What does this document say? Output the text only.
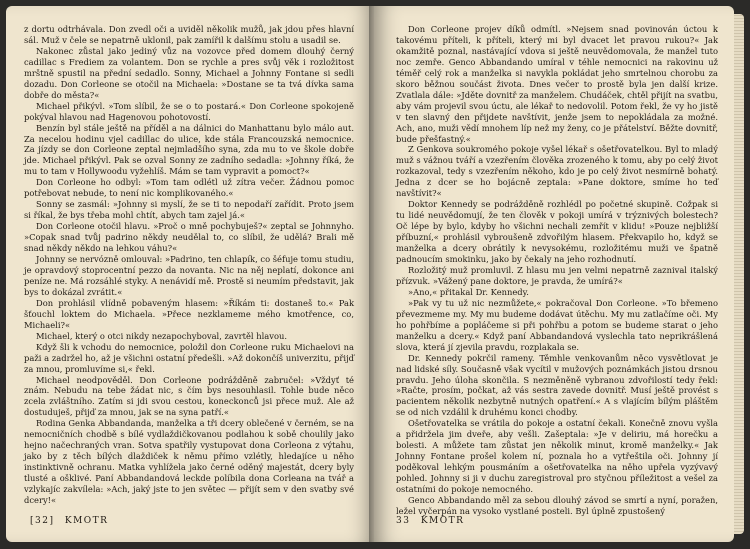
z dortu odtrhávala. Don zvedl oči a uviděl několik mužů, jak jdou přes hlavní sál. Muž v čele se nepatrně uklonil, pak zamířil k dalšímu stolu a usadil se.

Nakonec zůstal jako jediný vůz na vozovce před domem dlouhý černý cadillac s Frediem za volantem. Don se rychle a pres svůj věk i rozložitost mrštně spustil na přední sedadlo. Sonny, Michael a Johnny Fontane si sedli dozadu. Don Corleone se otočil na Michaela: »Dostane se ta tvá dívka sama dobře do města?«

Michael přikývl. »Tom slíbil, že se o to postará.« Don Corleone spokojeně pokýval hlavou nad Hagenovou pohotovostí.

Benzín byl stále ještě na příděl a na dálnici do Manhattanu bylo málo aut. Za necelou hodinu vjel cadillac do ulice, kde stála Francouzská nemocnice. Za jízdy se don Corleone zeptal nejmladšího syna, zda mu to ve škole dobře jde. Michael přikývl. Pak se ozval Sonny ze zadního sedadla: »Johnny říká, že mu to tam v Hollywoodu vyžehlíš. Mám se tam vypravit a pomoct?«

Don Corleone ho odbyl: »Tom tam odlétl už zítra večer. Žádnou pomoc potřebovat nebude, to není nic komplikovaného.«

Sonny se zasmál: »Johnny si myslí, že se ti to nepodaří zařídit. Proto jsem si říkal, že bys třeba mohl chtít, abych tam zajel já.«

Don Corleone otočil hlavu. »Proč o mně pochybuješ?« zeptal se Johnnyho. »Copak snad tvůj padrino někdy neudělal to, co slíbil, že udělá? Brali mě snad někdy někdo na lehkou váhu?«

Johnny se nervózně omlouval: »Padrino, ten chlapík, co šéfuje tomu studiu, je opravdový stoprocentní pezzo da novanta. Nic na něj neplatí, dokonce ani peníze ne. Má rozsáhlé styky. A nenávidí mě. Prostě si neumím představit, jak bys to dokázal zvrátit.«

Don prohlásil vlídně pobaveným hlasem: »Říkám ti: dostaneš to.« Pak šťouchl loktem do Michaela. »Přece nezklameme mého kmotřence, co, Michaeli?«

Michael, který o otci nikdy nezapochyboval, zavrtěl hlavou.

Když šli k vchodu do nemocnice, položil don Corleone ruku Michaelovi na paži a zadržel ho, až je všichni ostatní předešli. »Až dokončíš univerzitu, přijď za mnou, promluvíme si,« řekl.

Michael neodpověděl. Don Corleone podrážděně zabručel: »Vždyť té znám. Nebudu na tebe žádat nic, s čím bys nesouhlasil. Tohle bude něco zcela zvláštního. Zatím si jdi svou cestou, koneckonců jsi přece muž. Ale až dostuduješ, přijď za mnou, jak se na syna patří.«

Rodina Genka Abbandanda, manželka a tři dcery oblečené v černém, se na nemocničních chodbě s bílé vydlaždičkovanou podlahou k sobě choulily jako hejno načechraných vran. Sotva spatřily vystupovat dona Corleona z výtahu, jako by z těch bílých dlaždiček k němu přímo vzlétly, hledajíce u něho instinktivně ochranu. Matka vyhlížela jako černé oděný majestát, dcery byly tlusté a ošklivé. Paní Abbandandová leckde políbila dona Corleana na tvář a vzlykajíc zakvílela: »Ach, jaký jste to jen světec — přijít sem v den svatby své dcery!«

[32] KMOTR

Don Corleone projev díků odmítl. »Nejsem snad povinován úctou k takovému příteli, k příteli, který mi byl dvacet let pravou rukou?« Jak okamžitě poznal, nastávající vdova si ještě neuvědomovala, že manžel tuto noc zemře. Genco Abbandando umíral v téhle nemocnici na rakovinu už téměř celý rok a manželka si navykla pokládat jeho smrtelnou chorobu za skoro běžnou součást života. Dnes večer to prostě byla jen další krize. Zvatlala dále: »Jděte dovnitř za manželem. Chudáček, chtěl přijít na svatbu, aby vám projevil svou úctu, ale lékař to nedovolil. Potom řekl, že vy ho jistě v ten slavný den přijdete navštívit, jenže jsem to nepokládala za možné. Ach, ano, muži vědí mnohem líp než my ženy, co je přátelství. Běžte dovnitř, bude přešťastný.«

Z Genkova soukromého pokoje vyšel lékař s ošetřovatelkou. Byl to mladý muž s vážnou tváří a vzezřením člověka zrozeného k tomu, aby po celý život rozkazoval, tedy s vzezřením někoho, kdo je po celý život nesmírně bohatý. Jedna z dcer se ho bojácně zeptala: »Pane doktore, smíme ho teď navštívit?«

Doktor Kennedy se podrážděně rozhlédl po početné skupině. Cožpak si tu lidé neuvědomují, že ten člověk v pokoji umírá v trýznivých bolestech? Oč lépe by bylo, kdyby ho všichni nechali zemřít v klidu! »Pouze nejbližší příbuzní,« prohlásil vybroušeně zdvořilým hlasem. Překvapilo ho, když se manželka a dcery obrátily k nevysokému, rozložitému muži ve špatně padnoucím smokinku, jako by čekaly na jeho rozhodnutí.

Rozložitý muž promluvil. Z hlasu mu jen velmi nepatrně zaznival italský přízvuk. »Vážený pane doktore, je pravda, že umírá?«

»Ano,« přitakal Dr. Kennedy.

»Pak vy tu už nic nezmůžete,« pokračoval Don Corleone. »To břemeno převezmeme my. My mu budeme dodávat útěchu. My mu zatlačíme oči. My ho pohřbíme a popláčeme si při pohřbu a potom se budeme starat o jeho manželku a dcery.« Když paní Abbandandová vyslechla tato neprikrášlená slova, která jí zjevila pravdu, rozplakala se.

Dr. Kennedy pokrčil rameny. Těmhle venkovanům něco vysvětlovat je nad lidské síly. Současně však vycítil v mužových poznámkách jistou drsnou pravdu. Jeho úloha skončila. S nezměněně vybranou zdvořilostí tedy řekl: »Račte, prosím, počkat, až vás sestra zavede dovnitř. Musí ještě provést s pacientem několik nezbytně nutných opatření.« A s vlajícím bílým pláštěm se od nich vzdálil k druhému konci chodby.

Ošetřovatelka se vrátila do pokoje a ostatní čekali. Konečně znovu vyšla a přidržela jim dveře, aby vešli. Zašeptala: »Je v deliriu, má horečku a bolesti. A můžete tam zůstat jen několik minut, kromě manželky.« Jak Johnny Fontane prošel kolem ní, poznala ho a vytřeštila oči. Johnny jí poděkoval lehkým pousmáním a ošetřovatelka na něho upřela vyzývavý pohled. Johnny si ji v duchu zaregistroval pro styčnou příležitost a vešel za ostatními do pokoje nemocného.

Genco Abbandando měl za sebou dlouhý závod se smrtí a nyní, poražen, ležel vyčerpán na vysoko vystlané posteli. Byl úplně zpustošený

33 KMOTR
